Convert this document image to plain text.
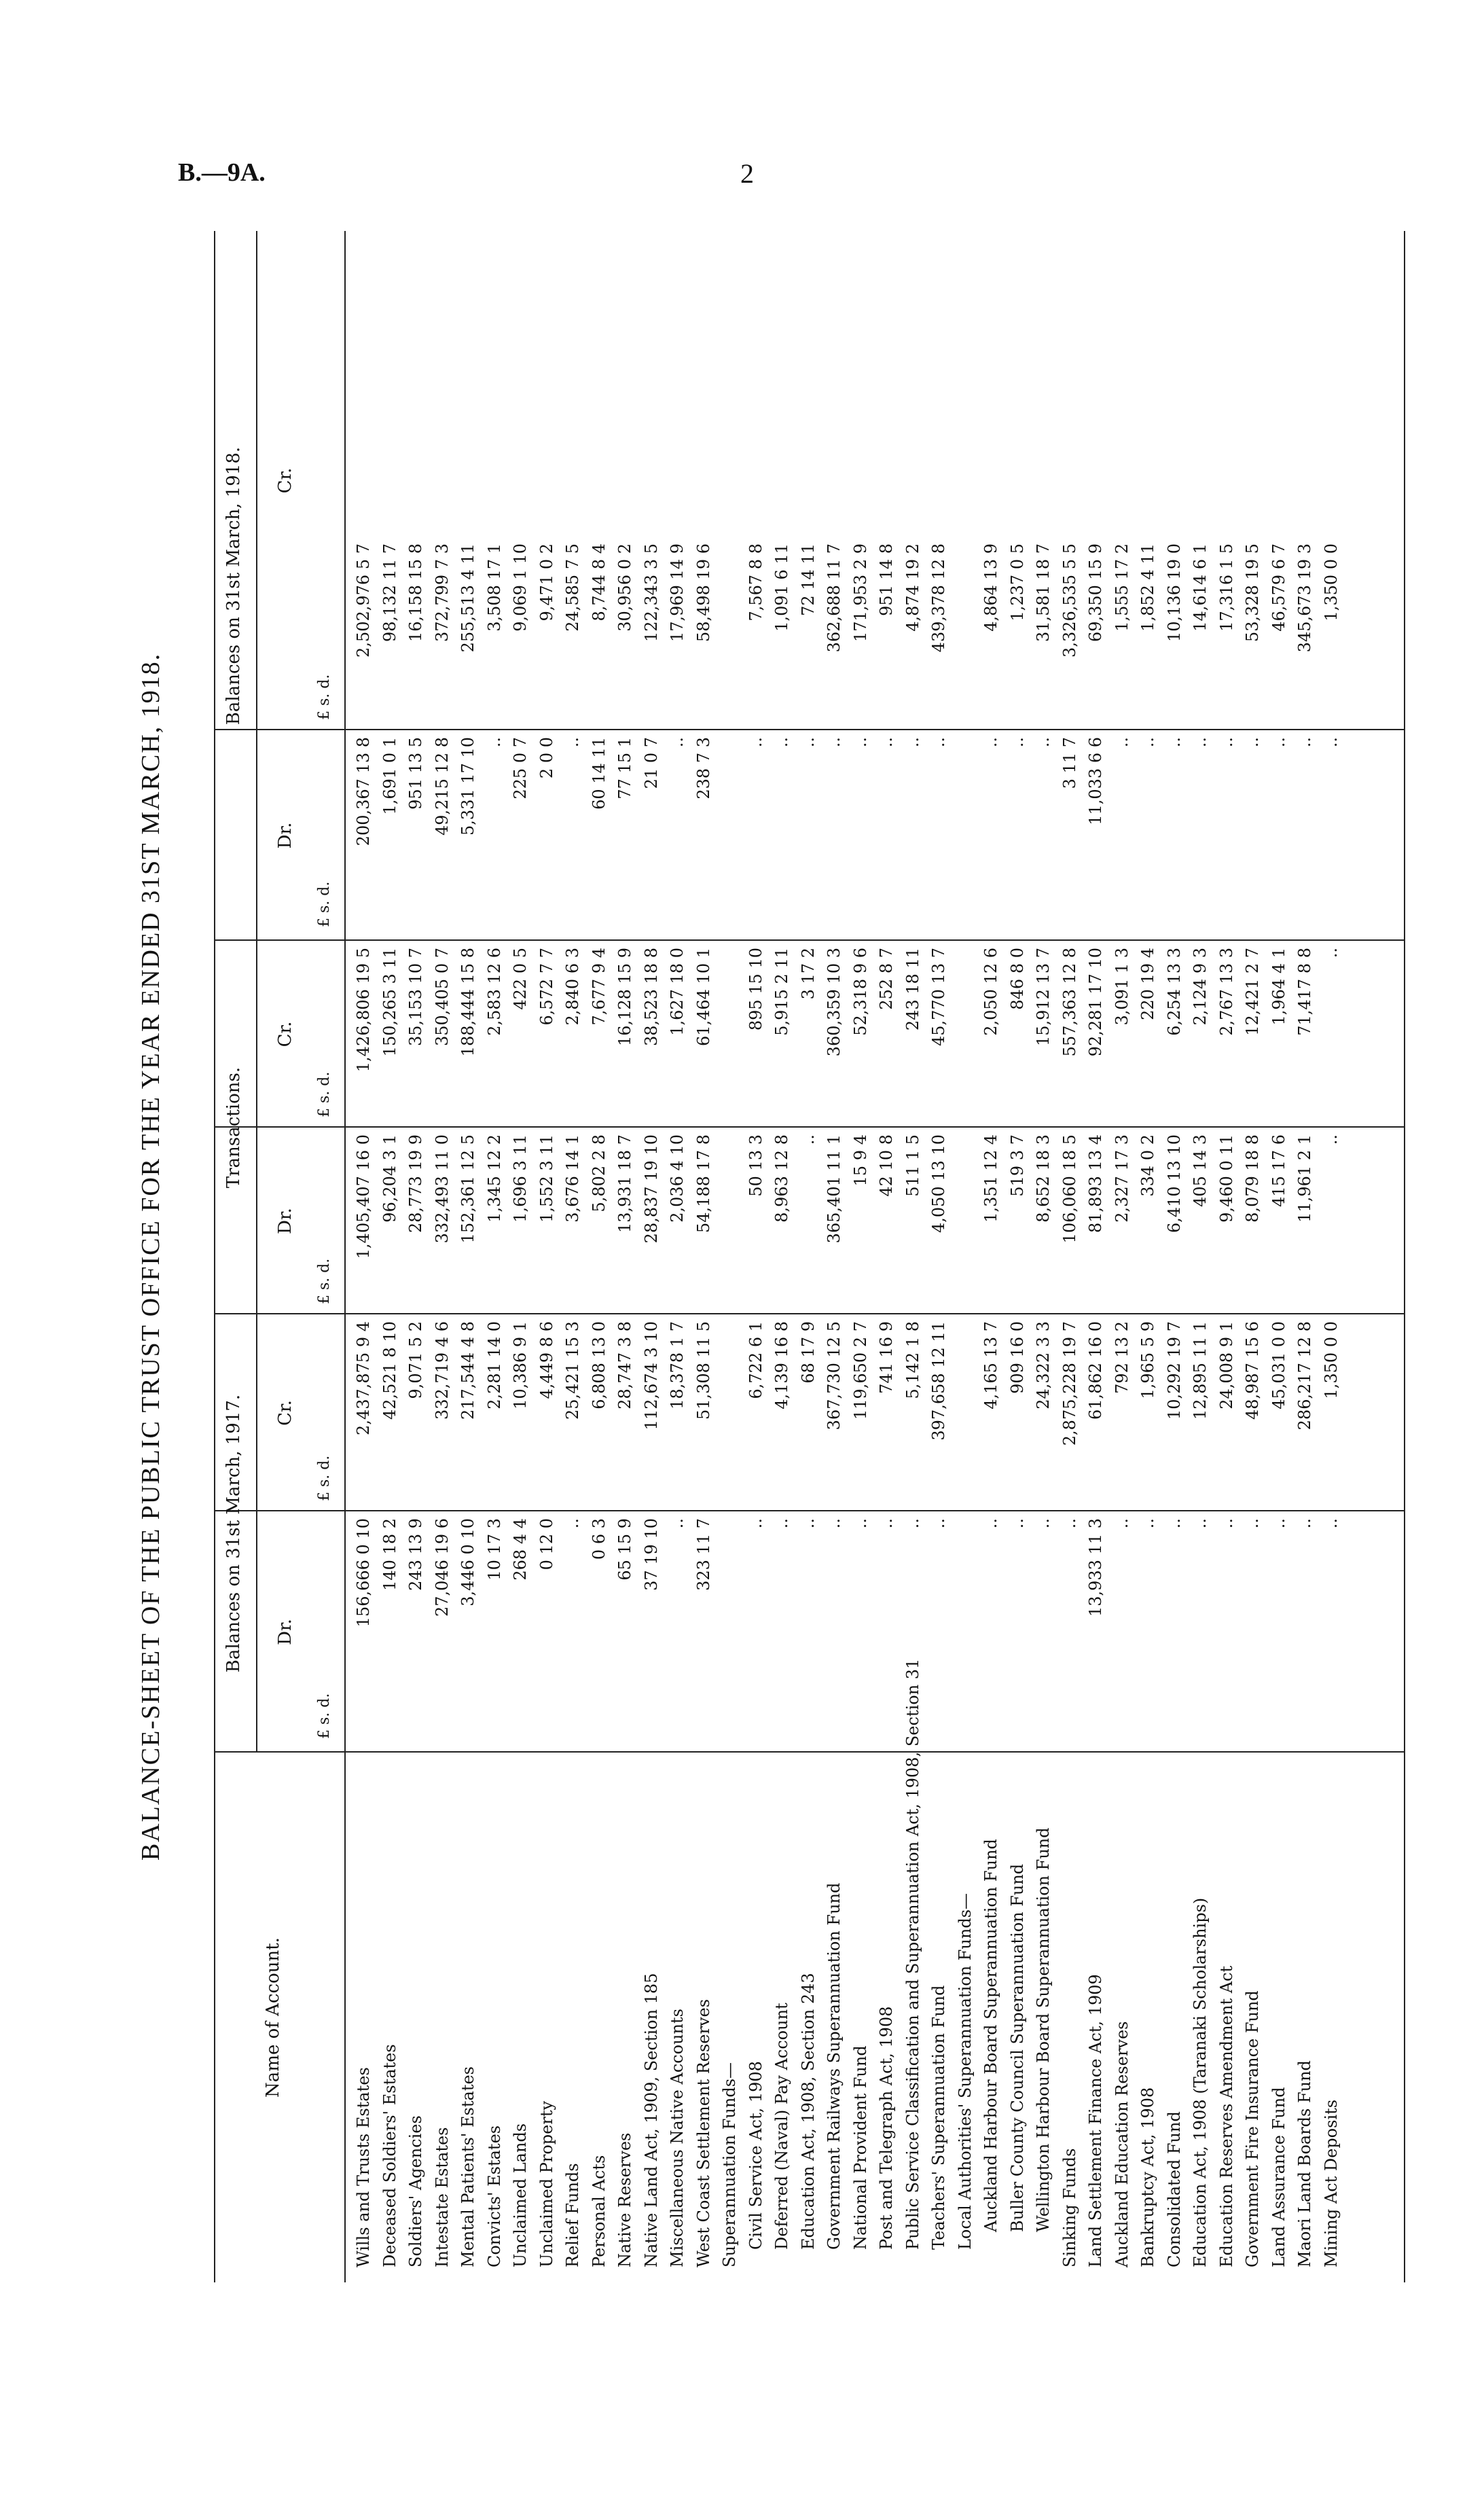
B.—9A.	2
BALANCE-SHEET OF THE PUBLIC TRUST OFFICE FOR THE YEAR ENDED 31ST MARCH, 1918.
Name of Account.
Balances on 31st March, 1917.
Transactions.
Balances on 31st March, 1918.
Dr.
Cr.
Dr.
Cr.
Dr.
Cr.
£ s. d.
£ s. d.
£ s. d.
£ s. d.
£ s. d.
£ s. d.
Wills and Trusts Estates
156,666 0 10
2,437,875 9 4
1,405,407 16 0
1,426,806 19 5
200,367 13 8
2,502,976 5 7
Deceased Soldiers' Estates
140 18 2
42,521 8 10
96,204 3 1
150,265 3 11
1,691 0 1
98,132 11 7
Soldiers' Agencies
243 13 9
9,071 5 2
28,773 19 9
35,153 10 7
951 13 5
16,158 15 8
Intestate Estates
27,046 19 6
332,719 4 6
332,493 11 0
350,405 0 7
49,215 12 8
372,799 7 3
Mental Patients' Estates
3,446 0 10
217,544 4 8
152,361 12 5
188,444 15 8
5,331 17 10
255,513 4 11
Convicts' Estates
10 17 3
2,281 14 0
1,345 12 2
2,583 12 6
..
3,508 17 1
Unclaimed Lands
268 4 4
10,386 9 1
1,696 3 11
422 0 5
225 0 7
9,069 1 10
Unclaimed Property
0 12 0
4,449 8 6
1,552 3 11
6,572 7 7
2 0 0
9,471 0 2
Relief Funds
..
25,421 15 3
3,676 14 1
2,840 6 3
..
24,585 7 5
Personal Acts
0 6 3
6,808 13 0
5,802 2 8
7,677 9 4
60 14 11
8,744 8 4
Native Reserves
65 15 9
28,747 3 8
13,931 18 7
16,128 15 9
77 15 1
30,956 0 2
Native Land Act, 1909, Section 185
37 19 10
112,674 3 10
28,837 19 10
38,523 18 8
21 0 7
122,343 3 5
Miscellaneous Native Accounts
..
18,378 1 7
2,036 4 10
1,627 18 0
..
17,969 14 9
West Coast Settlement Reserves
323 11 7
51,308 11 5
54,188 17 8
61,464 10 1
238 7 3
58,498 19 6
Superannuation Funds— Civil Service Act, 1908
..
6,722 6 1
50 13 3
895 15 10
..
7,567 8 8
Deferred (Naval) Pay Account
..
4,139 16 8
8,963 12 8
5,915 2 11
..
1,091 6 11
Education Act, 1908, Section 243
..
68 17 9
..
3 17 2
..
72 14 11
Government Railways Superannuation Fund
..
367,730 12 5
365,401 11 1
360,359 10 3
..
362,688 11 7
National Provident Fund
..
119,650 2 7
15 9 4
52,318 9 6
..
171,953 2 9
Post and Telegraph Act, 1908
..
741 16 9
42 10 8
252 8 7
..
951 14 8
Public Service Classification and Superannuation Act, 1908, Section 31
..
5,142 1 8
511 1 5
243 18 11
..
4,874 19 2
Teachers' Superannuation Fund
..
397,658 12 11
4,050 13 10
45,770 13 7
..
439,378 12 8
Local Authorities' Superannuation Funds— Auckland Harbour Board Superannuation Fund
..
4,165 13 7
1,351 12 4
2,050 12 6
..
4,864 13 9
Buller County Council Superannuation Fund
..
909 16 0
519 3 7
846 8 0
..
1,237 0 5
Wellington Harbour Board Superannuation Fund
..
24,322 3 3
8,652 18 3
15,912 13 7
..
31,581 18 7
Sinking Funds
..
2,875,228 19 7
106,060 18 5
557,363 12 8
3 11 7
3,326,535 5 5
Land Settlement Finance Act, 1909
13,933 11 3
61,862 16 0
81,893 13 4
92,281 17 10
11,033 6 6
69,350 15 9
Auckland Education Reserves
..
792 13 2
2,327 17 3
3,091 1 3
..
1,555 17 2
Bankruptcy Act, 1908
..
1,965 5 9
334 0 2
220 19 4
..
1,852 4 11
Consolidated Fund
..
10,292 19 7
6,410 13 10
6,254 13 3
..
10,136 19 0
Education Act, 1908 (Taranaki Scholarships)
..
12,895 11 1
405 14 3
2,124 9 3
..
14,614 6 1
Education Reserves Amendment Act
..
24,008 9 1
9,460 0 11
2,767 13 3
..
17,316 1 5
Government Fire Insurance Fund
..
48,987 15 6
8,079 18 8
12,421 2 7
..
53,328 19 5
Land Assurance Fund
..
45,031 0 0
415 17 6
1,964 4 1
..
46,579 6 7
Maori Land Boards Fund
..
286,217 12 8
11,961 2 1
71,417 8 8
..
345,673 19 3
Mining Act Deposits
..
1,350 0 0
..
..
..
1,350 0 0
